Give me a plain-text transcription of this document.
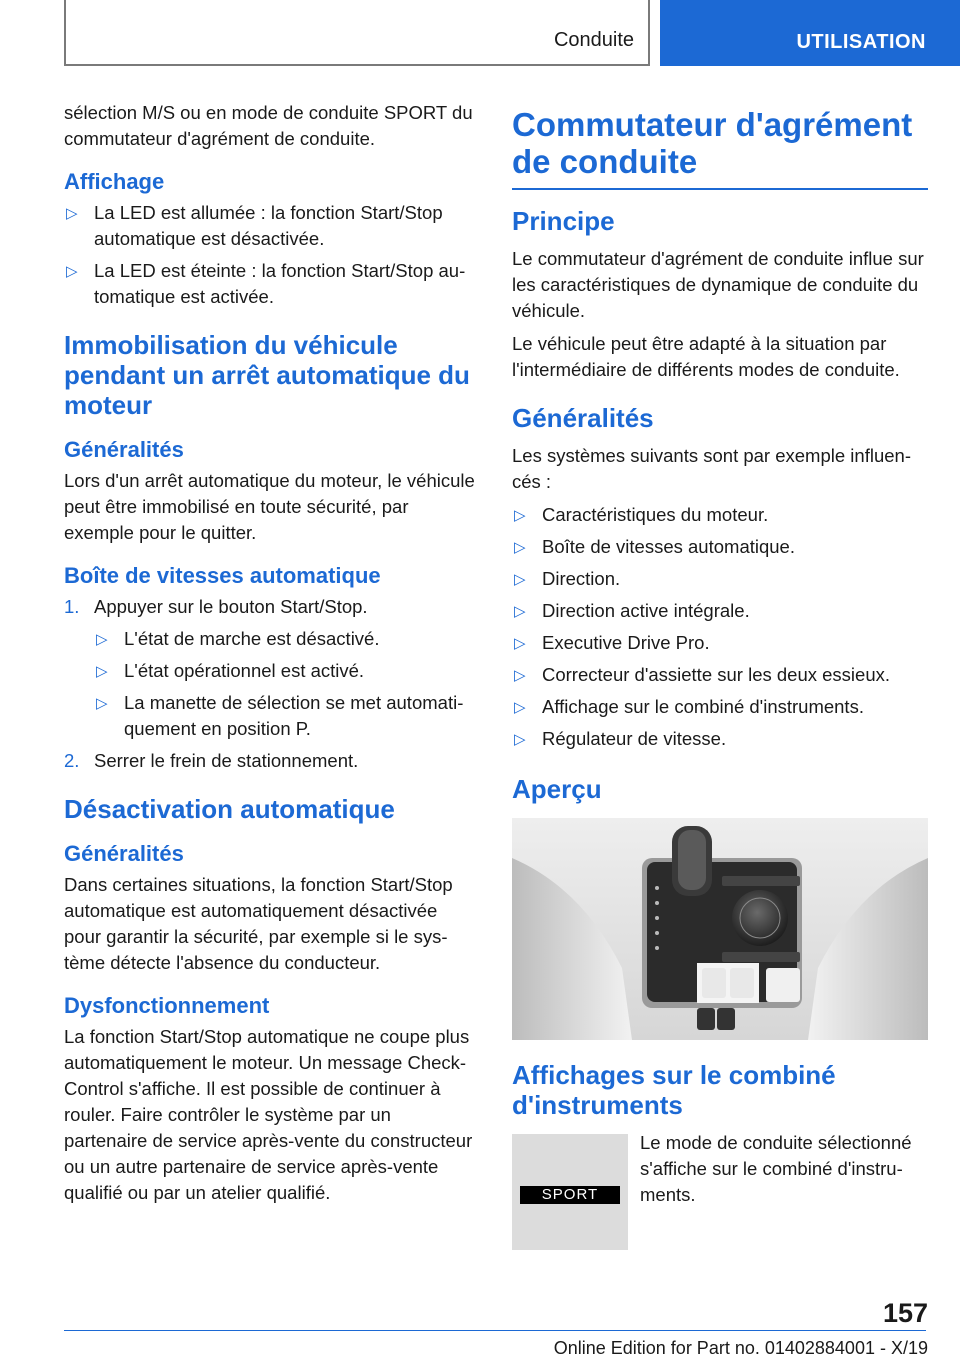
Conduite	UTILISATION

sélection M/S ou en mode de conduite SPORT du commutateur d'agrément de conduite.

Affichage
▷ La LED est allumée : la fonction Start/Stop automatique est désactivée.
▷ La LED est éteinte : la fonction Start/Stop automatique est activée.
Immobilisation du véhicule pendant un arrêt automatique du moteur
Généralités

Lors d'un arrêt automatique du moteur, le véhicule peut être immobilisé en toute sécurité, par exemple pour le quitter.

Boîte de vitesses automatique
1. Appuyer sur le bouton Start/Stop.
▷ L'état de marche est désactivé.
▷ L'état opérationnel est activé.
▷ La manette de sélection se met automatiquement en position P.
2. Serrer le frein de stationnement.
Désactivation automatique
Généralités

Dans certaines situations, la fonction Start/Stop automatique est automatiquement désactivée pour garantir la sécurité, par exemple si le système détecte l'absence du conducteur.

Dysfonctionnement

La fonction Start/Stop automatique ne coupe plus automatiquement le moteur. Un message Check-Control s'affiche. Il est possible de continuer à rouler. Faire contrôler le système par un partenaire de service après-vente du constructeur ou un autre partenaire de service après-vente qualifié ou par un atelier qualifié.

Commutateur d'agrément de conduite
Principe

Le commutateur d'agrément de conduite influe sur les caractéristiques de dynamique de conduite du véhicule.

Le véhicule peut être adapté à la situation par l'intermédiaire de différents modes de conduite.

Généralités

Les systèmes suivants sont par exemple influencés :

▷ Caractéristiques du moteur.
▷ Boîte de vitesses automatique.
▷ Direction.
▷ Direction active intégrale.
▷ Executive Drive Pro.
▷ Correcteur d'assiette sur les deux essieux.
▷ Affichage sur le combiné d'instruments.
▷ Régulateur de vitesse.
Aperçu
Affichages sur le combiné d'instruments
SPORT

Le mode de conduite sélectionné s'affiche sur le combiné d'instruments.

157
Online Edition for Part no. 01402884001 - X/19
